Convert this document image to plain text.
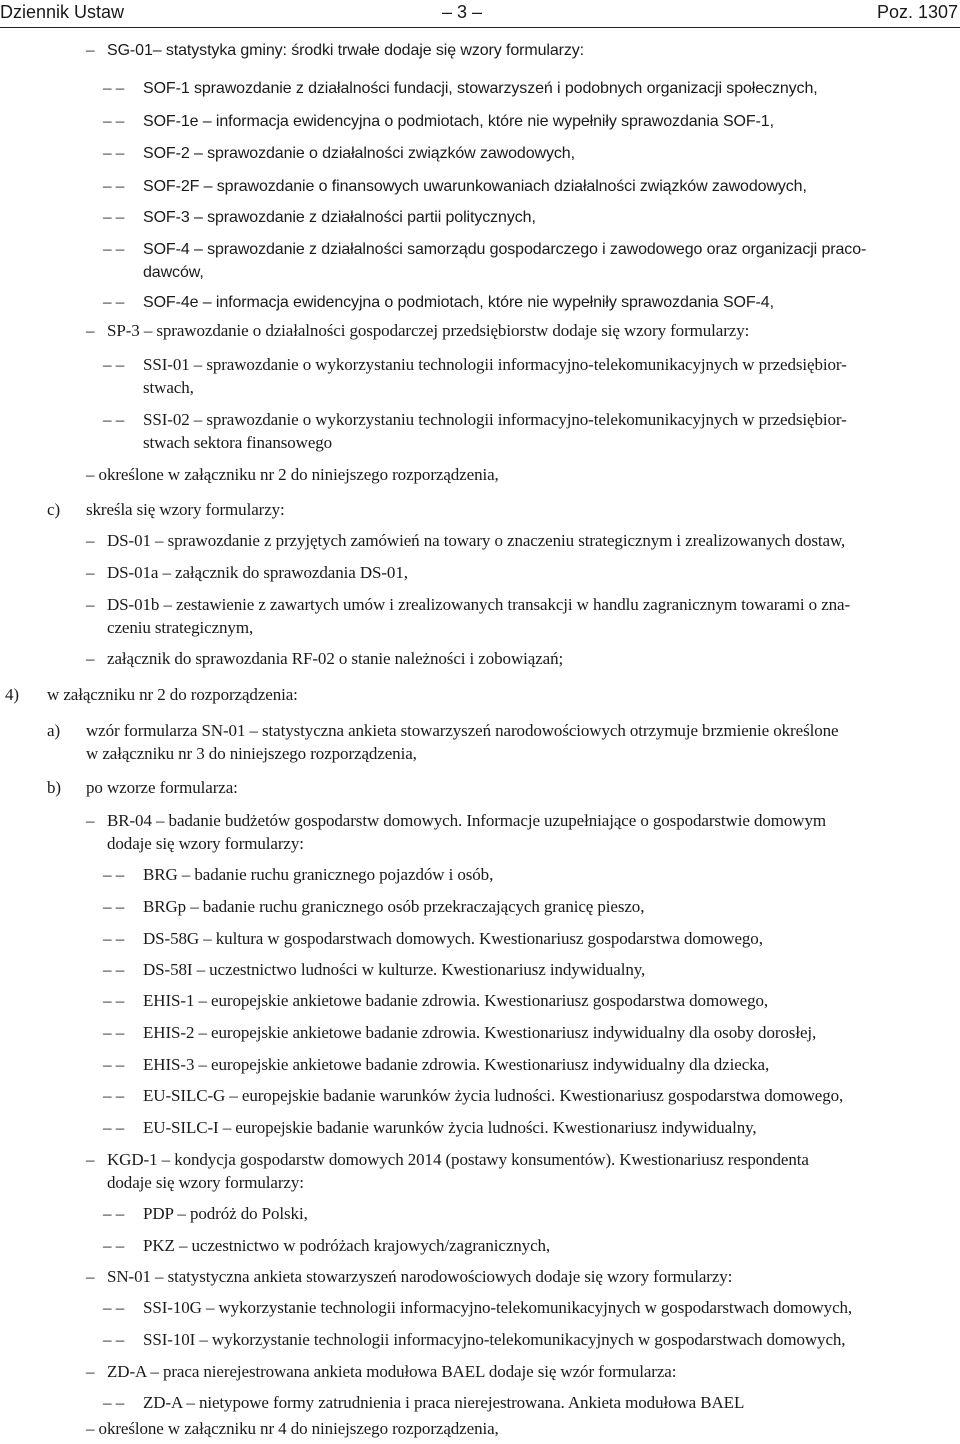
Dziennik Ustaw	– 3 –	Poz. 1307
– SG-01– statystyka gminy: środki trwałe dodaje się wzory formularzy:
– – SOF-1 sprawozdanie z działalności fundacji, stowarzyszeń i podobnych organizacji społecznych,
– – SOF-1e – informacja ewidencyjna o podmiotach, które nie wypełniły sprawozdania SOF-1,
– – SOF-2 – sprawozdanie o działalności związków zawodowych,
– – SOF-2F – sprawozdanie o finansowych uwarunkowaniach działalności związków zawodowych,
– – SOF-3 – sprawozdanie z działalności partii politycznych,
– – SOF-4 – sprawozdanie z działalności samorządu gospodarczego i zawodowego oraz organizacji praco-
dawców,
– – SOF-4e – informacja ewidencyjna o podmiotach, które nie wypełniły sprawozdania SOF-4,
– SP-3 – sprawozdanie o działalności gospodarczej przedsiębiorstw dodaje się wzory formularzy:
– – SSI-01 – sprawozdanie o wykorzystaniu technologii informacyjno-telekomunikacyjnych w przedsiębior-
stwach,
– – SSI-02 – sprawozdanie o wykorzystaniu technologii informacyjno-telekomunikacyjnych w przedsiębior-
stwach sektora finansowego
– określone w załączniku nr 2 do niniejszego rozporządzenia,
c) skreśla się wzory formularzy:
– DS-01 – sprawozdanie z przyjętych zamówień na towary o znaczeniu strategicznym i zrealizowanych dostaw,
– DS-01a – załącznik do sprawozdania DS-01,
– DS-01b – zestawienie z zawartych umów i zrealizowanych transakcji w handlu zagranicznym towarami o zna-
czeniu strategicznym,
– załącznik do sprawozdania RF-02 o stanie należności i zobowiązań;
4) w załączniku nr 2 do rozporządzenia:
a) wzór formularza SN-01 – statystyczna ankieta stowarzyszeń narodowościowych otrzymuje brzmienie określone
w załączniku nr 3 do niniejszego rozporządzenia,
b) po wzorze formularza:
– BR-04 – badanie budżetów gospodarstw domowych. Informacje uzupełniające o gospodarstwie domowym
dodaje się wzory formularzy:
– – BRG – badanie ruchu granicznego pojazdów i osób,
– – BRGp – badanie ruchu granicznego osób przekraczających granicę pieszo,
– – DS-58G – kultura w gospodarstwach domowych. Kwestionariusz gospodarstwa domowego,
– – DS-58I – uczestnictwo ludności w kulturze. Kwestionariusz indywidualny,
– – EHIS-1 – europejskie ankietowe badanie zdrowia. Kwestionariusz gospodarstwa domowego,
– – EHIS-2 – europejskie ankietowe badanie zdrowia. Kwestionariusz indywidualny dla osoby dorosłej,
– – EHIS-3 – europejskie ankietowe badanie zdrowia. Kwestionariusz indywidualny dla dziecka,
– – EU-SILC-G – europejskie badanie warunków życia ludności. Kwestionariusz gospodarstwa domowego,
– – EU-SILC-I – europejskie badanie warunków życia ludności. Kwestionariusz indywidualny,
– KGD-1 – kondycja gospodarstw domowych 2014 (postawy konsumentów). Kwestionariusz respondenta
dodaje się wzory formularzy:
– – PDP – podróż do Polski,
– – PKZ – uczestnictwo w podróżach krajowych/zagranicznych,
– SN-01 – statystyczna ankieta stowarzyszeń narodowościowych dodaje się wzory formularzy:
– – SSI-10G – wykorzystanie technologii informacyjno-telekomunikacyjnych w gospodarstwach domowych,
– – SSI-10I – wykorzystanie technologii informacyjno-telekomunikacyjnych w gospodarstwach domowych,
– ZD-A – praca nierejestrowana ankieta modułowa BAEL dodaje się wzór formularza:
– – ZD-A – nietypowe formy zatrudnienia i praca nierejestrowana. Ankieta modułowa BAEL
– określone w załączniku nr 4 do niniejszego rozporządzenia,
